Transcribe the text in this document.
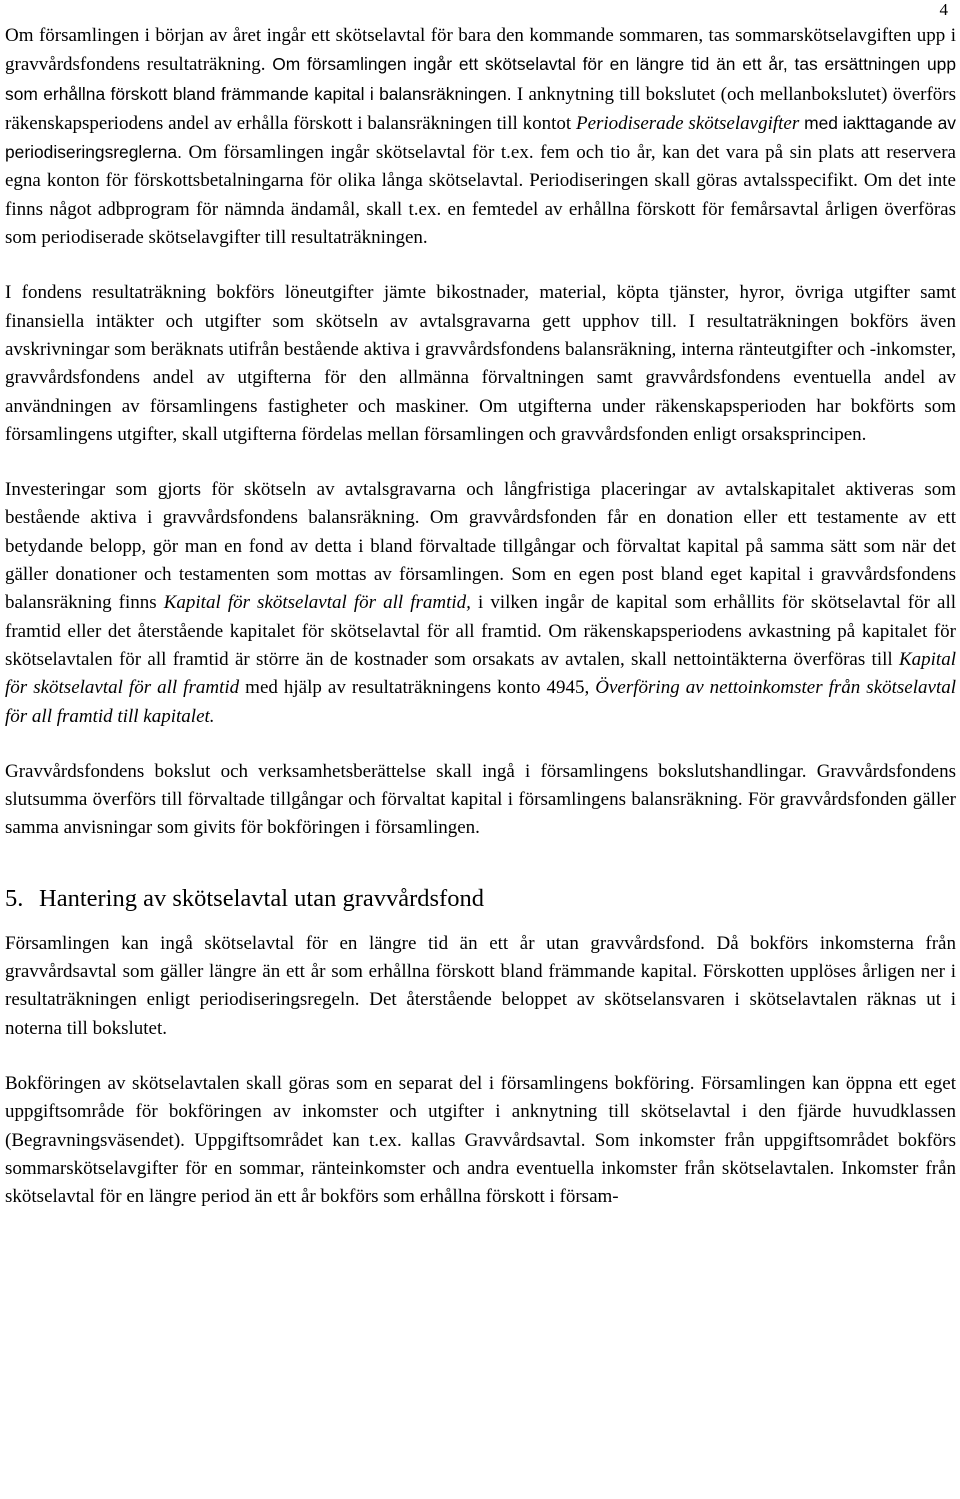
4

Om församlingen i början av året ingår ett skötselavtal för bara den kommande sommaren, tas sommarskötselavgiften upp i gravvårdsfondens resultaträkning. Om församlingen ingår ett skötselavtal för en längre tid än ett år, tas ersättningen upp som erhållna förskott bland främmande kapital i balansräkningen. I anknytning till bokslutet (och mellanbokslutet) överförs räkenskapsperiodens andel av erhålla förskott i balansräkningen till kontot Periodiserade skötselavgifter med iakttagande av periodiseringsreglerna. Om församlingen ingår skötselavtal för t.ex. fem och tio år, kan det vara på sin plats att reservera egna konton för förskottsbetalningarna för olika långa skötselavtal. Periodiseringen skall göras avtalsspecifikt. Om det inte finns något adbprogram för nämnda ändamål, skall t.ex. en femtedel av erhållna förskott för femårsavtal årligen överföras som periodiserade skötselavgifter till resultaträkningen.

I fondens resultaträkning bokförs löneutgifter jämte bikostnader, material, köpta tjänster, hyror, övriga utgifter samt finansiella intäkter och utgifter som skötseln av avtalsgravarna gett upphov till. I resultaträkningen bokförs även avskrivningar som beräknats utifrån bestående aktiva i gravvårdsfondens balansräkning, interna ränteutgifter och -inkomster, gravvårdsfondens andel av utgifterna för den allmänna förvaltningen samt gravvårdsfondens eventuella andel av användningen av församlingens fastigheter och maskiner. Om utgifterna under räkenskapsperioden har bokförts som församlingens utgifter, skall utgifterna fördelas mellan församlingen och gravvårdsfonden enligt orsaksprincipen.

Investeringar som gjorts för skötseln av avtalsgravarna och långfristiga placeringar av avtalskapitalet aktiveras som bestående aktiva i gravvårdsfondens balansräkning. Om gravvårdsfonden får en donation eller ett testamente av ett betydande belopp, gör man en fond av detta i bland förvaltade tillgångar och förvaltat kapital på samma sätt som när det gäller donationer och testamenten som mottas av församlingen. Som en egen post bland eget kapital i gravvårdsfondens balansräkning finns Kapital för skötselavtal för all framtid, i vilken ingår de kapital som erhållits för skötselavtal för all framtid eller det återstående kapitalet för skötselavtal för all framtid. Om räkenskapsperiodens avkastning på kapitalet för skötselavtalen för all framtid är större än de kostnader som orsakats av avtalen, skall nettointäkterna överföras till Kapital för skötselavtal för all framtid med hjälp av resultaträkningens konto 4945, Överföring av nettoinkomster från skötselavtal för all framtid till kapitalet.

Gravvårdsfondens bokslut och verksamhetsberättelse skall ingå i församlingens bokslutshandlingar. Gravvårdsfondens slutsumma överförs till förvaltade tillgångar och förvaltat kapital i församlingens balansräkning. För gravvårdsfonden gäller samma anvisningar som givits för bokföringen i församlingen.

5. Hantering av skötselavtal utan gravvårdsfond

Församlingen kan ingå skötselavtal för en längre tid än ett år utan gravvårdsfond. Då bokförs inkomsterna från gravvårdsavtal som gäller längre än ett år som erhållna förskott bland främmande kapital. Förskotten upplöses årligen ner i resultaträkningen enligt periodiseringsregeln. Det återstående beloppet av skötselansvaren i skötselavtalen räknas ut i noterna till bokslutet.

Bokföringen av skötselavtalen skall göras som en separat del i församlingens bokföring. Församlingen kan öppna ett eget uppgiftsområde för bokföringen av inkomster och utgifter i anknytning till skötselavtal i den fjärde huvudklassen (Begravningsväsendet). Uppgiftsområdet kan t.ex. kallas Gravvårdsavtal. Som inkomster från uppgiftsområdet bokförs sommarskötselavgifter för en sommar, ränteinkomster och andra eventuella inkomster från skötselavtalen. Inkomster från skötselavtal för en längre period än ett år bokförs som erhållna förskott i försam-
